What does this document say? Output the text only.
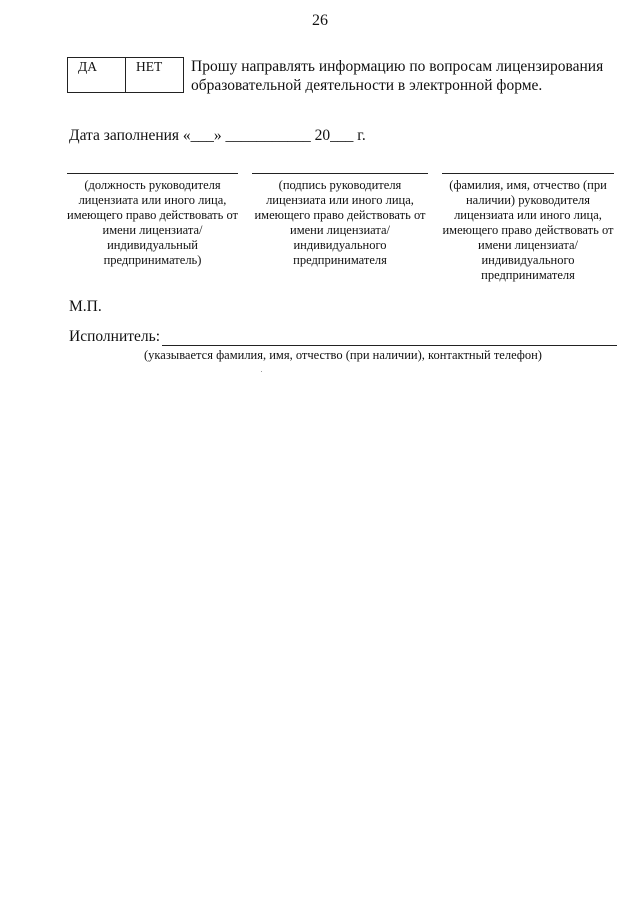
26
ДА	НЕТ	Прошу направлять информацию по вопросам лицензирования образовательной деятельности в электронной форме.
Дата заполнения «___» ___________ 20___ г.
(должность руководителя лицензиата или иного лица, имеющего право действовать от имени лицензиата/ индивидуальный предприниматель)
(подпись руководителя лицензиата или иного лица, имеющего право действовать от имени лицензиата/ индивидуального предпринимателя
(фамилия, имя, отчество (при наличии) руководителя лицензиата или иного лица, имеющего право действовать от имени лицензиата/ индивидуального предпринимателя
М.П.
Исполнитель:
(указывается фамилия, имя, отчество (при наличии), контактный телефон)
